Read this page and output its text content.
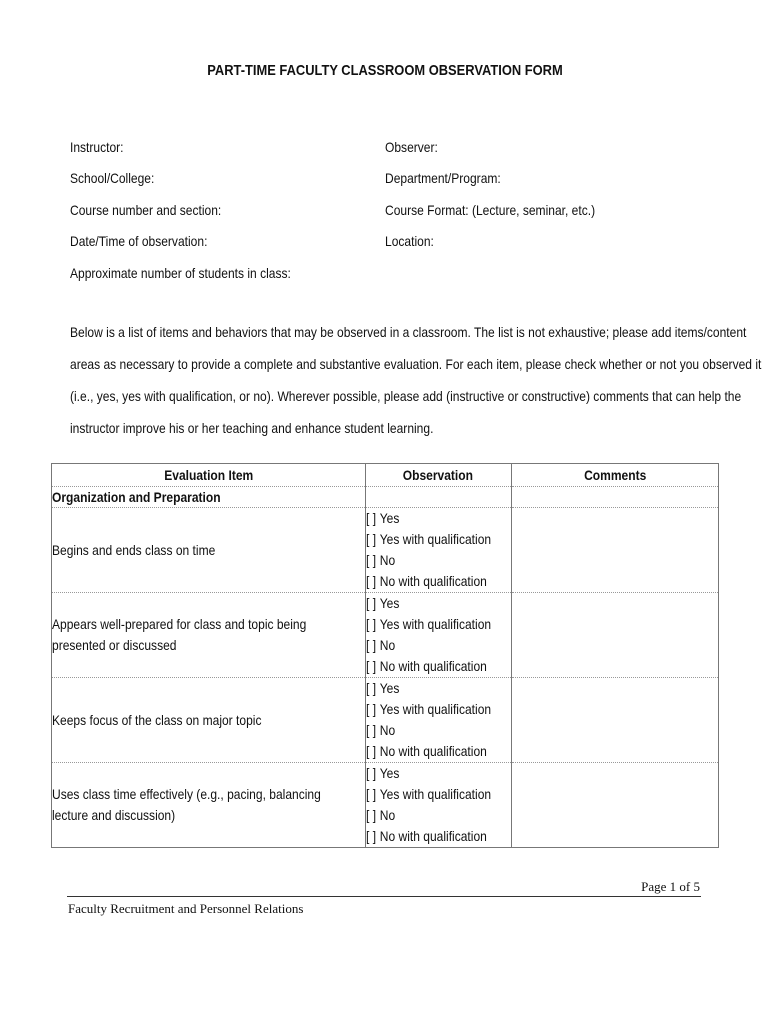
PART-TIME FACULTY CLASSROOM OBSERVATION FORM
Instructor:	Observer:
School/College:	Department/Program:
Course number and section:	Course Format: (Lecture, seminar, etc.)
Date/Time of observation:	Location:
Approximate number of students in class:

Below is a list of items and behaviors that may be observed in a classroom. The list is not exhaustive; please add items/content

areas as necessary to provide a complete and substantive evaluation. For each item, please check whether or not you observed it

(i.e., yes, yes with qualification, or no). Wherever possible, please add (instructive or constructive) comments that can help the

instructor improve his or her teaching and enhance student learning.

Evaluation Item	Observation	Comments
Organization and Preparation		
Begins and ends class on time	[ ] Yes
[ ] Yes with qualification
[ ] No
[ ] No with qualification	

Appears well-prepared for class and topic being
presented or discussed	[ ] Yes
[ ] Yes with qualification
[ ] No
[ ] No with qualification	

Keeps focus of the class on major topic	[ ] Yes
[ ] Yes with qualification
[ ] No
[ ] No with qualification	

Uses class time effectively (e.g., pacing, balancing
lecture and discussion)	[ ] Yes
[ ] Yes with qualification
[ ] No
[ ] No with qualification	

Page 1 of 5
Faculty Recruitment and Personnel Relations
